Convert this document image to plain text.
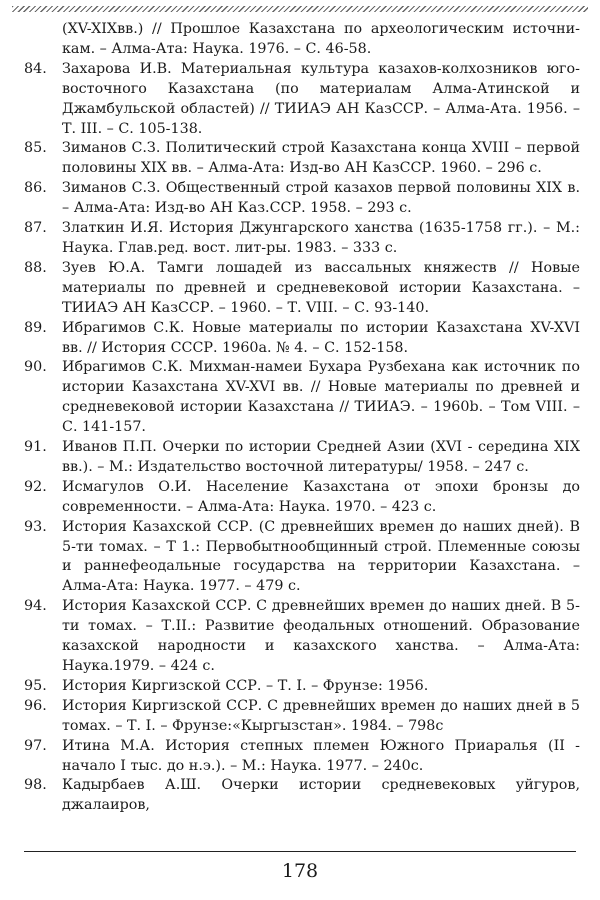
(XV-XIXвв.) // Прошлое Казахстана по археологическим источни-кам. – Алма-Ата: Наука. 1976. – С. 46-58.
84. Захарова И.В. Материальная культура казахов-колхозников юго-восточного Казахстана (по материалам Алма-Атинской и Джамбульской областей) // ТИИАЭ АН КазССР. – Алма-Ата. 1956. – Т. III. – С. 105-138.
85. Зиманов С.З. Политический строй Казахстана конца XVIII – первой половины XIX вв. – Алма-Ата: Изд-во АН КазССР. 1960. – 296 с.
86. Зиманов С.З. Общественный строй казахов первой половины XIX в. – Алма-Ата: Изд-во АН Каз.ССР. 1958. – 293 с.
87. Златкин И.Я. История Джунгарского ханства (1635-1758 гг.). – М.: Наука. Глав.ред. вост. лит-ры. 1983. – 333 с.
88. Зуев Ю.А. Тамги лошадей из вассальных княжеств // Новые материалы по древней и средневековой истории Казахстана. – ТИИАЭ АН КазССР. – 1960. – Т. VIII. – С. 93-140.
89. Ибрагимов С.К. Новые материалы по истории Казахстана XV-XVI вв. // История СССР. 1960а. № 4. – С. 152-158.
90. Ибрагимов С.К. Михман-намеи Бухара Рузбехана как источник по истории Казахстана XV-XVI вв. // Новые материалы по древней и средневековой истории Казахстана // ТИИАЭ. – 1960b. – Том VIII. – С. 141-157.
91. Иванов П.П. Очерки по истории Средней Азии (XVI - середина XIX вв.). – М.: Издательство восточной литературы/ 1958. – 247 с.
92. Исмагулов О.И. Население Казахстана от эпохи бронзы до современности. – Алма-Ата: Наука. 1970. – 423 с.
93. История Казахской ССР. (С древнейших времен до наших дней). В 5-ти томах. – Т 1.: Первобытнообщинный строй. Племенные союзы и раннефеодальные государства на территории Казахстана. – Алма-Ата: Наука. 1977. – 479 с.
94. История Казахской ССР. С древнейших времен до наших дней. В 5-ти томах. – Т.II.: Развитие феодальных отношений. Образование казахской народности и казахского ханства. – Алма-Ата: Наука.1979. – 424 с.
95. История Киргизской ССР. – Т. I. – Фрунзе: 1956.
96. История Киргизской ССР. С древнейших времен до наших дней в 5 томах. – Т. I. – Фрунзе:«Кыргызстан». 1984. – 798с
97. Итина М.А. История степных племен Южного Приаралья (II - начало I тыс. до н.э.). – М.: Наука. 1977. – 240с.
98. Кадырбаев А.Ш. Очерки истории средневековых уйгуров, джалаиров,
178
